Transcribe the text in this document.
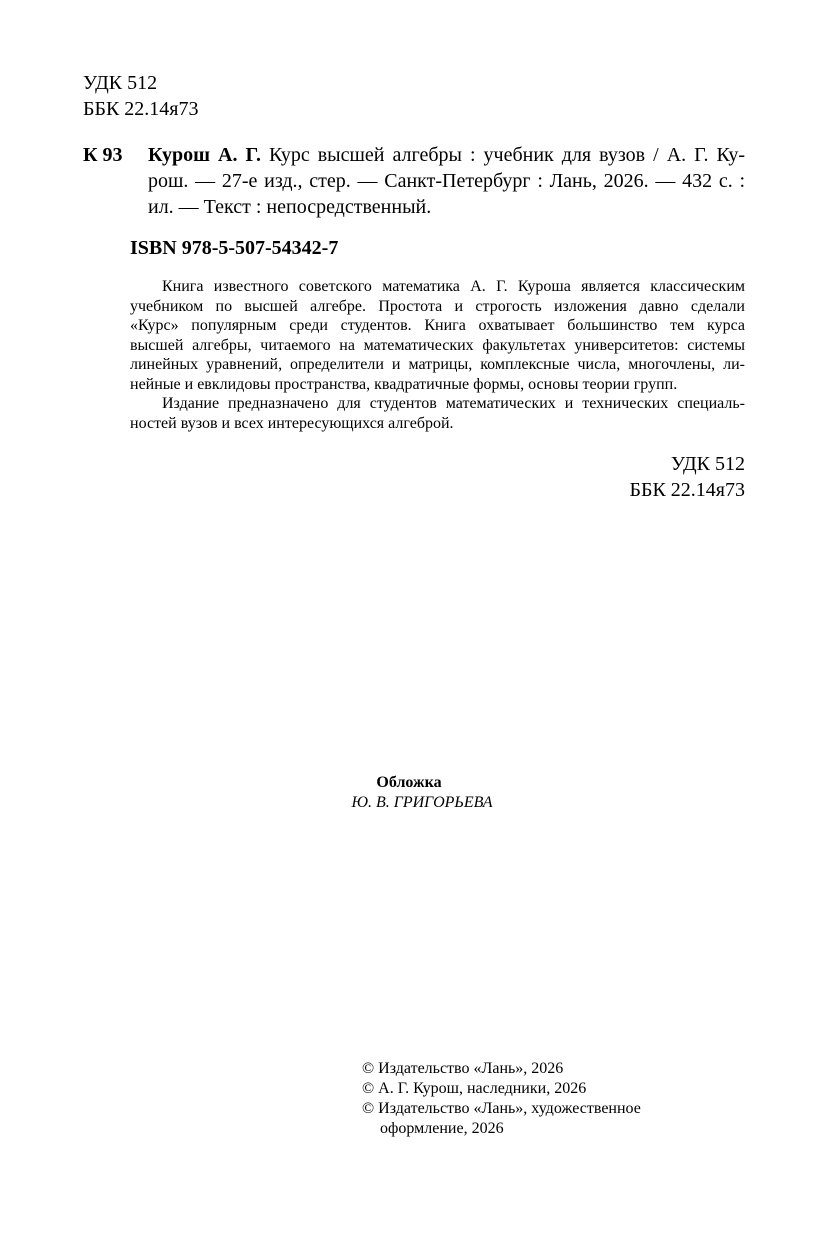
УДК 512
ББК 22.14я73
К 93 Курош А. Г. Курс высшей алгебры : учебник для вузов / А. Г. Ку-
рош. — 27-е изд., стер. — Санкт-Петербург : Лань, 2026. — 432 с. :
ил. — Текст : непосредственный.
ISBN 978-5-507-54342-7
Книга известного советского математика А. Г. Куроша является классическим
учебником по высшей алгебре. Простота и строгость изложения давно сделали
«Курс» популярным среди студентов. Книга охватывает большинство тем курса
высшей алгебры, читаемого на математических факультетах университетов: системы
линейных уравнений, определители и матрицы, комплексные числа, многочлены, ли-
нейные и евклидовы пространства, квадратичные формы, основы теории групп.
Издание предназначено для студентов математических и технических специаль-
ностей вузов и всех интересующихся алгеброй.
УДК 512
ББК 22.14я73
Обложка
Ю. В. ГРИГОРЬЕВА
© Издательство «Лань», 2026
© А. Г. Курош, наследники, 2026
© Издательство «Лань», художественное
оформление, 2026
